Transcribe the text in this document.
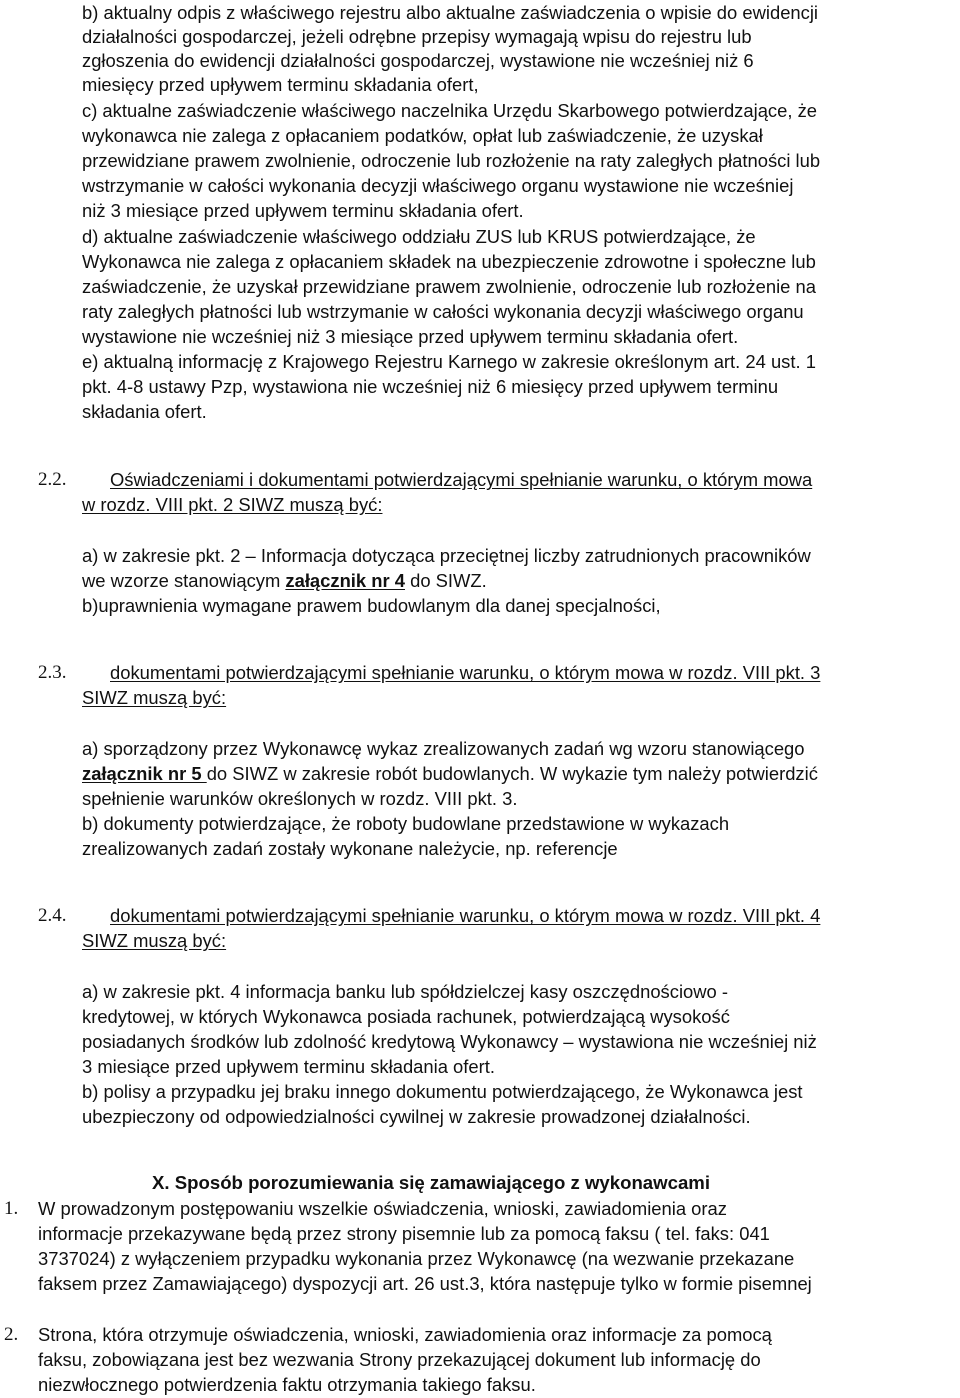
b) aktualny odpis z właściwego rejestru albo aktualne zaświadczenia o wpisie do ewidencji
działalności gospodarczej, jeżeli odrębne przepisy wymagają wpisu do rejestru lub
zgłoszenia do ewidencji działalności gospodarczej, wystawione nie wcześniej niż 6
miesięcy przed upływem terminu składania ofert,
c) aktualne zaświadczenie właściwego naczelnika Urzędu Skarbowego potwierdzające, że
wykonawca nie zalega z opłacaniem podatków, opłat lub zaświadczenie, że uzyskał
przewidziane prawem zwolnienie, odroczenie lub rozłożenie na raty zaległych płatności lub
wstrzymanie w całości wykonania decyzji właściwego organu wystawione nie wcześniej
niż 3 miesiące przed upływem terminu składania ofert.
d) aktualne zaświadczenie właściwego oddziału ZUS lub KRUS potwierdzające, że
Wykonawca nie zalega z opłacaniem składek na ubezpieczenie zdrowotne i społeczne lub
zaświadczenie, że uzyskał przewidziane prawem zwolnienie, odroczenie lub rozłożenie na
raty zaległych płatności lub wstrzymanie w całości wykonania decyzji właściwego organu
wystawione nie wcześniej niż 3 miesiące przed upływem terminu składania ofert.
e) aktualną informację z Krajowego Rejestru Karnego w zakresie określonym art. 24 ust. 1
pkt. 4-8 ustawy Pzp, wystawiona nie wcześniej niż 6 miesięcy przed upływem terminu
składania ofert.
2.2. Oświadczeniami i dokumentami potwierdzającymi spełnianie warunku, o którym mowa
w rozdz. VIII pkt. 2 SIWZ muszą być:
a) w zakresie pkt. 2 – Informacja dotycząca przeciętnej liczby zatrudnionych pracowników
we wzorze stanowiącym załącznik nr 4 do SIWZ.
b)uprawnienia wymagane prawem budowlanym dla danej specjalności,
2.3. dokumentami potwierdzającymi spełnianie warunku, o którym mowa w rozdz. VIII pkt. 3
SIWZ muszą być:
a) sporządzony przez Wykonawcę wykaz zrealizowanych zadań wg wzoru stanowiącego
załącznik nr 5 do SIWZ w zakresie robót budowlanych. W wykazie tym należy potwierdzić
spełnienie warunków określonych w rozdz. VIII pkt. 3.
b) dokumenty potwierdzające, że roboty budowlane przedstawione w wykazach
zrealizowanych zadań zostały wykonane należycie, np. referencje
2.4. dokumentami potwierdzającymi spełnianie warunku, o którym mowa w rozdz. VIII pkt. 4
SIWZ muszą być:
a) w zakresie pkt. 4 informacja banku lub spółdzielczej kasy oszczędnościowo -
kredytowej, w których Wykonawca posiada rachunek, potwierdzającą wysokość
posiadanych środków lub zdolność kredytową Wykonawcy – wystawiona nie wcześniej niż
3 miesiące przed upływem terminu składania ofert.
b) polisy a przypadku jej braku innego dokumentu potwierdzającego, że Wykonawca jest
ubezpieczony od odpowiedzialności cywilnej w zakresie prowadzonej działalności.
X. Sposób porozumiewania się zamawiającego z wykonawcami
1. W prowadzonym postępowaniu wszelkie oświadczenia, wnioski, zawiadomienia oraz
informacje przekazywane będą przez strony pisemnie lub za pomocą faksu ( tel. faks: 041
3737024) z wyłączeniem przypadku wykonania przez Wykonawcę (na wezwanie przekazane
faksem przez Zamawiającego) dyspozycji art. 26 ust.3, która następuje tylko w formie pisemnej
2. Strona, która otrzymuje oświadczenia, wnioski, zawiadomienia oraz informacje za pomocą
faksu, zobowiązana jest bez wezwania Strony przekazującej dokument lub informację do
niezwłocznego potwierdzenia faktu otrzymania takiego faksu.
